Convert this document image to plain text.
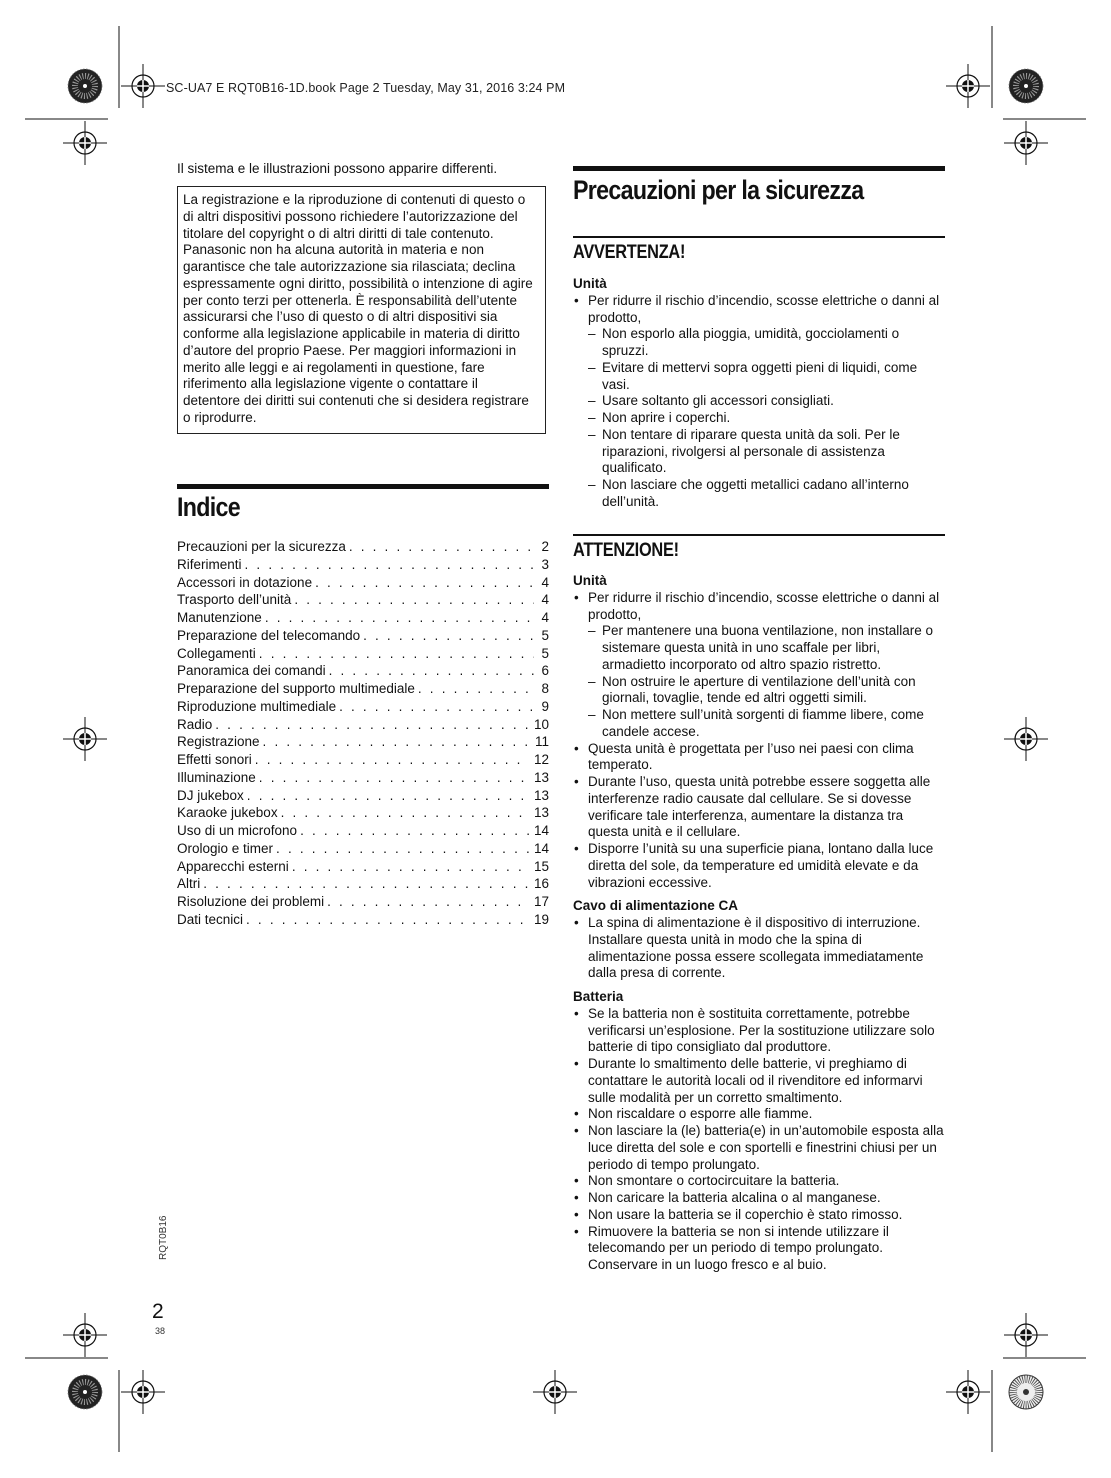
SC-UA7 E RQT0B16-1D.book Page 2 Tuesday, May 31, 2016 3:24 PM
Il sistema e le illustrazioni possono apparire differenti.
La registrazione e la riproduzione di contenuti di questo o di altri dispositivi possono richiedere l’autorizzazione del titolare del copyright o di altri diritti di tale contenuto. Panasonic non ha alcuna autorità in materia e non garantisce che tale autorizzazione sia rilasciata; declina espressamente ogni diritto, possibilità o intenzione di agire per conto terzi per ottenerla. È responsabilità dell’utente assicurarsi che l’uso di questo o di altri dispositivi sia conforme alla legislazione applicabile in materia di diritto d’autore del proprio Paese. Per maggiori informazioni in merito alle leggi e ai regolamenti in questione, fare riferimento alla legislazione vigente o contattare il detentore dei diritti sui contenuti che si desidera registrare o riprodurre.
Indice
Precauzioni per la sicurezza . . .	2
Riferimenti . . .	3
Accessori in dotazione . . .	4
Trasporto dell’unità . . .	4
Manutenzione . . .	4
Preparazione del telecomando . . .	5
Collegamenti . . .	5
Panoramica dei comandi . . .	6
Preparazione del supporto multimediale . . .	8
Riproduzione multimediale . . .	9
Radio . . .	10
Registrazione . . .	11
Effetti sonori . . .	12
Illuminazione . . .	13
DJ jukebox . . .	13
Karaoke jukebox . . .	13
Uso di un microfono . . .	14
Orologio e timer . . .	14
Apparecchi esterni . . .	15
Altri . . .	16
Risoluzione dei problemi . . .	17
Dati tecnici . . .	19
Precauzioni per la sicurezza
AVVERTENZA!
Unità
• Per ridurre il rischio d’incendio, scosse elettriche o danni al prodotto,
– Non esporlo alla pioggia, umidità, gocciolamenti o spruzzi.
– Evitare di mettervi sopra oggetti pieni di liquidi, come vasi.
– Usare soltanto gli accessori consigliati.
– Non aprire i coperchi.
– Non tentare di riparare questa unità da soli. Per le riparazioni, rivolgersi al personale di assistenza qualificato.
– Non lasciare che oggetti metallici cadano all’interno dell’unità.
ATTENZIONE!
Unità
• Per ridurre il rischio d’incendio, scosse elettriche o danni al prodotto,
– Per mantenere una buona ventilazione, non installare o sistemare questa unità in uno scaffale per libri, armadietto incorporato od altro spazio ristretto.
– Non ostruire le aperture di ventilazione dell’unità con giornali, tovaglie, tende ed altri oggetti simili.
– Non mettere sull’unità sorgenti di fiamme libere, come candele accese.
• Questa unità è progettata per l’uso nei paesi con clima temperato.
• Durante l’uso, questa unità potrebbe essere soggetta alle interferenze radio causate dal cellulare. Se si dovesse verificare tale interferenza, aumentare la distanza tra questa unità e il cellulare.
• Disporre l’unità su una superficie piana, lontano dalla luce diretta del sole, da temperature ed umidità elevate e da vibrazioni eccessive.
Cavo di alimentazione CA
• La spina di alimentazione è il dispositivo di interruzione. Installare questa unità in modo che la spina di alimentazione possa essere scollegata immediatamente dalla presa di corrente.
Batteria
• Se la batteria non è sostituita correttamente, potrebbe verificarsi un’esplosione. Per la sostituzione utilizzare solo batterie di tipo consigliato dal produttore.
• Durante lo smaltimento delle batterie, vi preghiamo di contattare le autorità locali od il rivenditore ed informarvi sulle modalità per un corretto smaltimento.
• Non riscaldare o esporre alle fiamme.
• Non lasciare la (le) batteria(e) in un’automobile esposta alla luce diretta del sole e con sportelli e finestrini chiusi per un periodo di tempo prolungato.
• Non smontare o cortocircuitare la batteria.
• Non caricare la batteria alcalina o al manganese.
• Non usare la batteria se il coperchio è stato rimosso.
• Rimuovere la batteria se non si intende utilizzare il telecomando per un periodo di tempo prolungato. Conservare in un luogo fresco e al buio.
RQT0B16
2
38
